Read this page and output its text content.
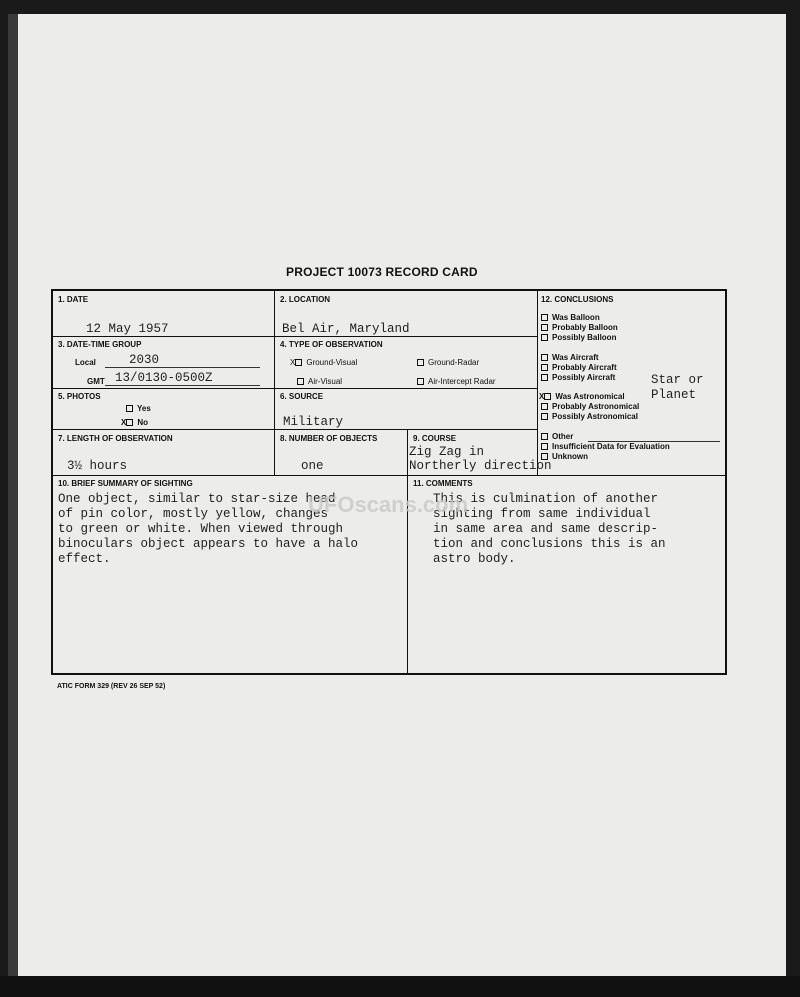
PROJECT 10073 RECORD CARD
1. DATE
12 May 1957
2. LOCATION
Bel Air, Maryland
3. DATE-TIME GROUP
Local	2030
GMT 13/0130-0500Z
4. TYPE OF OBSERVATION
X Ground-Visual	Ground-Radar
Air-Visual	Air-Intercept Radar
5. PHOTOS
Yes
X No
6. SOURCE
Military
7. LENGTH OF OBSERVATION
3½ hours
8. NUMBER OF OBJECTS
one
9. COURSE
Zig Zag in
Northerly direction
10. BRIEF SUMMARY OF SIGHTING
One object, similar to star-size head
of pin color, mostly yellow, changes
to green or white. When viewed through
binoculars object appears to have a halo
effect.
11. COMMENTS
This is culmination of another
sighting from same individual
in same area and same descrip-
tion and conclusions this is an
astro body.
12. CONCLUSIONS
Was Balloon
Probably Balloon
Possibly Balloon
Was Aircraft
Probably Aircraft
Possibly Aircraft	Star or
Planet
X Was Astronomical
Probably Astronomical
Possibly Astronomical
Other
Insufficient Data for Evaluation
Unknown
UFOscans.com
ATIC FORM 329 (REV 26 SEP 52)
